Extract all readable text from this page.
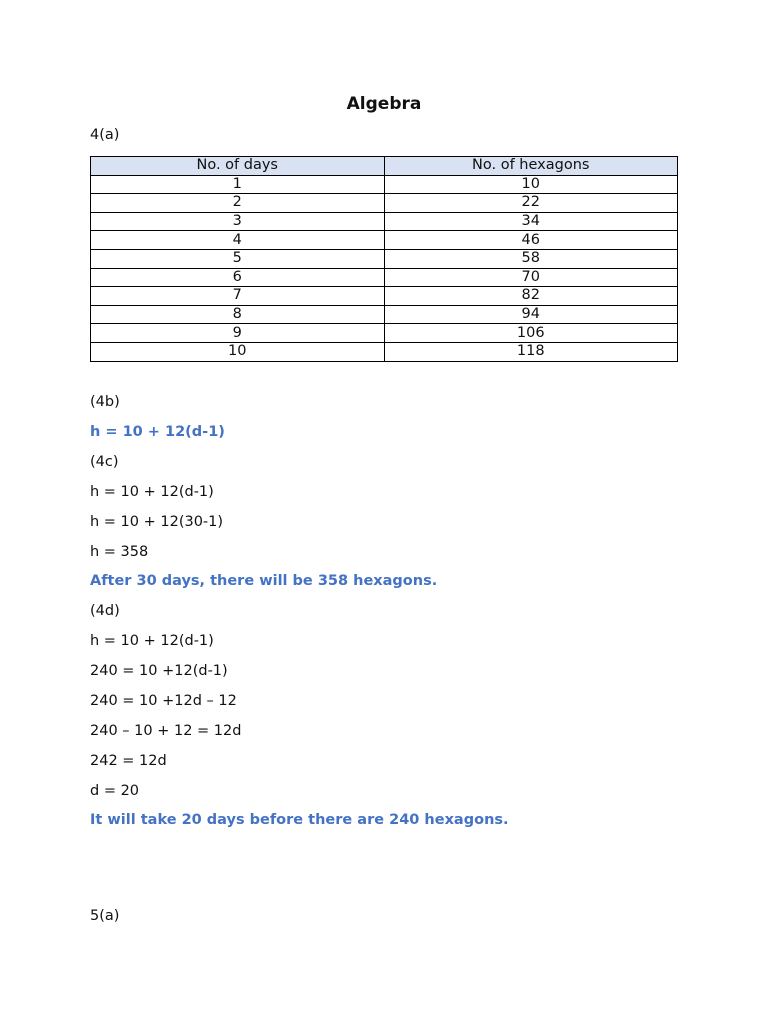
Algebra
4(a)
No. of days	No. of hexagons
1	10
2	22
3	34
4	46
5	58
6	70
7	82
8	94
9	106
10	118
(4b)
h = 10 + 12(d-1)
(4c)
h = 10 + 12(d-1)
h = 10 + 12(30-1)
h = 358
After 30 days, there will be 358 hexagons.
(4d)
h = 10 + 12(d-1)
240 = 10 +12(d-1)
240 = 10 +12d – 12
240 – 10 + 12 = 12d
242 = 12d
d = 20
It will take 20 days before there are 240 hexagons.
5(a)
